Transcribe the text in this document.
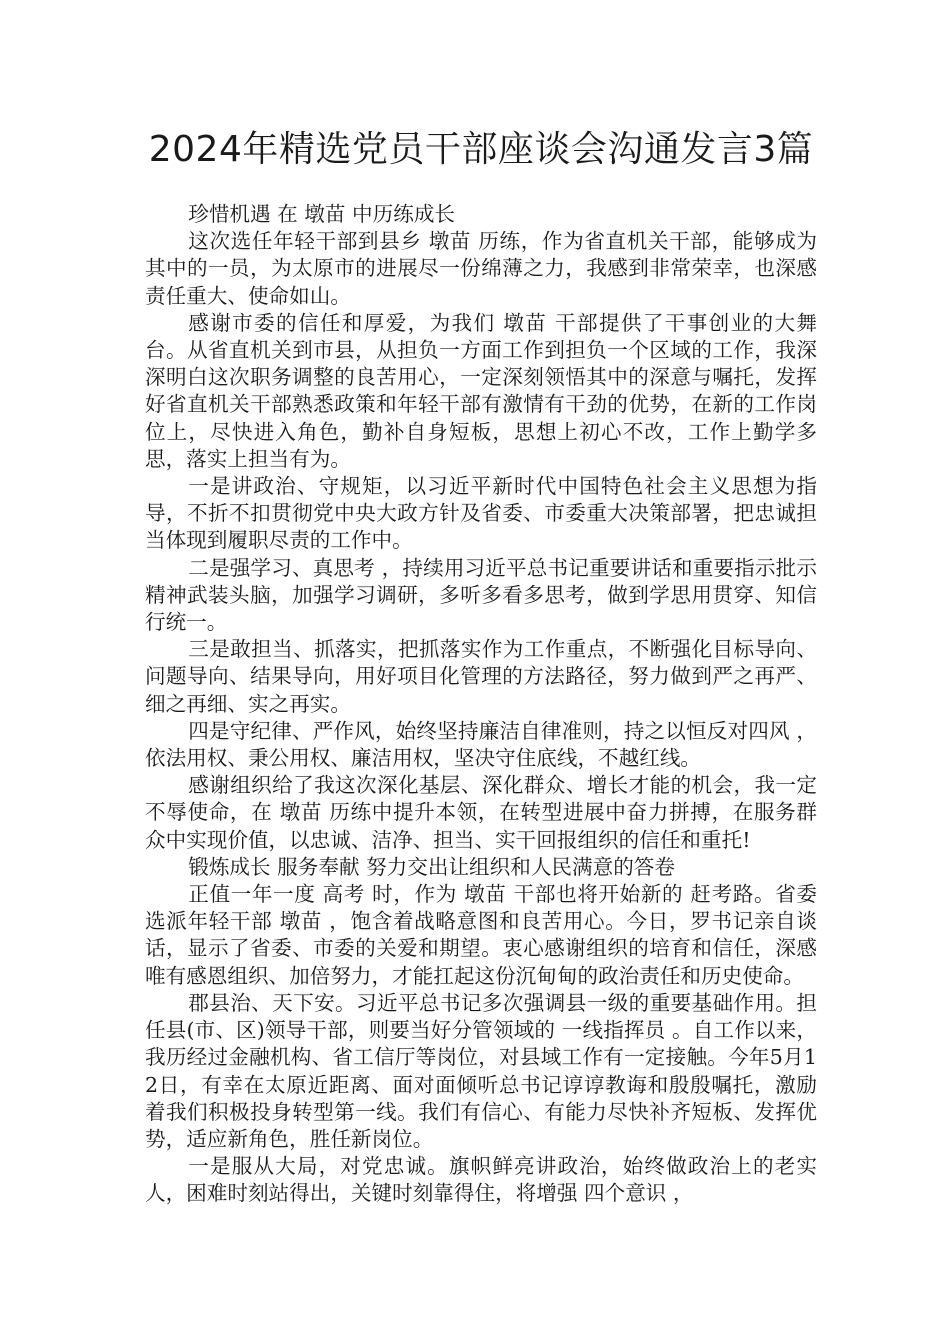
2024年精选党员干部座谈会沟通发言3篇

珍惜机遇 在 墩苗 中历练成长

这次选任年轻干部到县乡 墩苗 历练，作为省直机关干部，能够成为其中的一员，为太原市的进展尽一份绵薄之力，我感到非常荣幸，也深感责任重大、使命如山。

感谢市委的信任和厚爱，为我们 墩苗 干部提供了干事创业的大舞台。从省直机关到市县，从担负一方面工作到担负一个区域的工作，我深深明白这次职务调整的良苦用心，一定深刻领悟其中的深意与嘱托，发挥好省直机关干部熟悉政策和年轻干部有激情有干劲的优势，在新的工作岗位上，尽快进入角色，勤补自身短板，思想上初心不改，工作上勤学多思，落实上担当有为。

一是讲政治、守规矩，以习近平新时代中国特色社会主义思想为指导，不折不扣贯彻党中央大政方针及省委、市委重大决策部署，把忠诚担当体现到履职尽责的工作中。

二是强学习、真思考 ，持续用习近平总书记重要讲话和重要指示批示精神武装头脑，加强学习调研，多听多看多思考，做到学思用贯穿、知信行统一。

三是敢担当、抓落实，把抓落实作为工作重点，不断强化目标导向、问题导向、结果导向，用好项目化管理的方法路径，努力做到严之再严、细之再细、实之再实。

四是守纪律、严作风，始终坚持廉洁自律准则，持之以恒反对四风 ，依法用权、秉公用权、廉洁用权，坚决守住底线，不越红线。

感谢组织给了我这次深化基层、深化群众、增长才能的机会，我一定不辱使命，在 墩苗 历练中提升本领，在转型进展中奋力拼搏，在服务群众中实现价值，以忠诚、洁净、担当、实干回报组织的信任和重托!

锻炼成长 服务奉献 努力交出让组织和人民满意的答卷

正值一年一度 高考 时，作为 墩苗 干部也将开始新的 赶考路。省委选派年轻干部 墩苗 ，饱含着战略意图和良苦用心。今日，罗书记亲自谈话，显示了省委、市委的关爱和期望。衷心感谢组织的培育和信任，深感唯有感恩组织、加倍努力，才能扛起这份沉甸甸的政治责任和历史使命。

郡县治、天下安。习近平总书记多次强调县一级的重要基础作用。担任县(市、区)领导干部，则要当好分管领域的 一线指挥员 。自工作以来，我历经过金融机构、省工信厅等岗位，对县域工作有一定接触。今年5月12日，有幸在太原近距离、面对面倾听总书记谆谆教诲和殷殷嘱托，激励着我们积极投身转型第一线。我们有信心、有能力尽快补齐短板、发挥优势，适应新角色，胜任新岗位。

一是服从大局，对党忠诚。旗帜鲜亮讲政治，始终做政治上的老实人，困难时刻站得出，关键时刻靠得住，将增强 四个意识 ，
